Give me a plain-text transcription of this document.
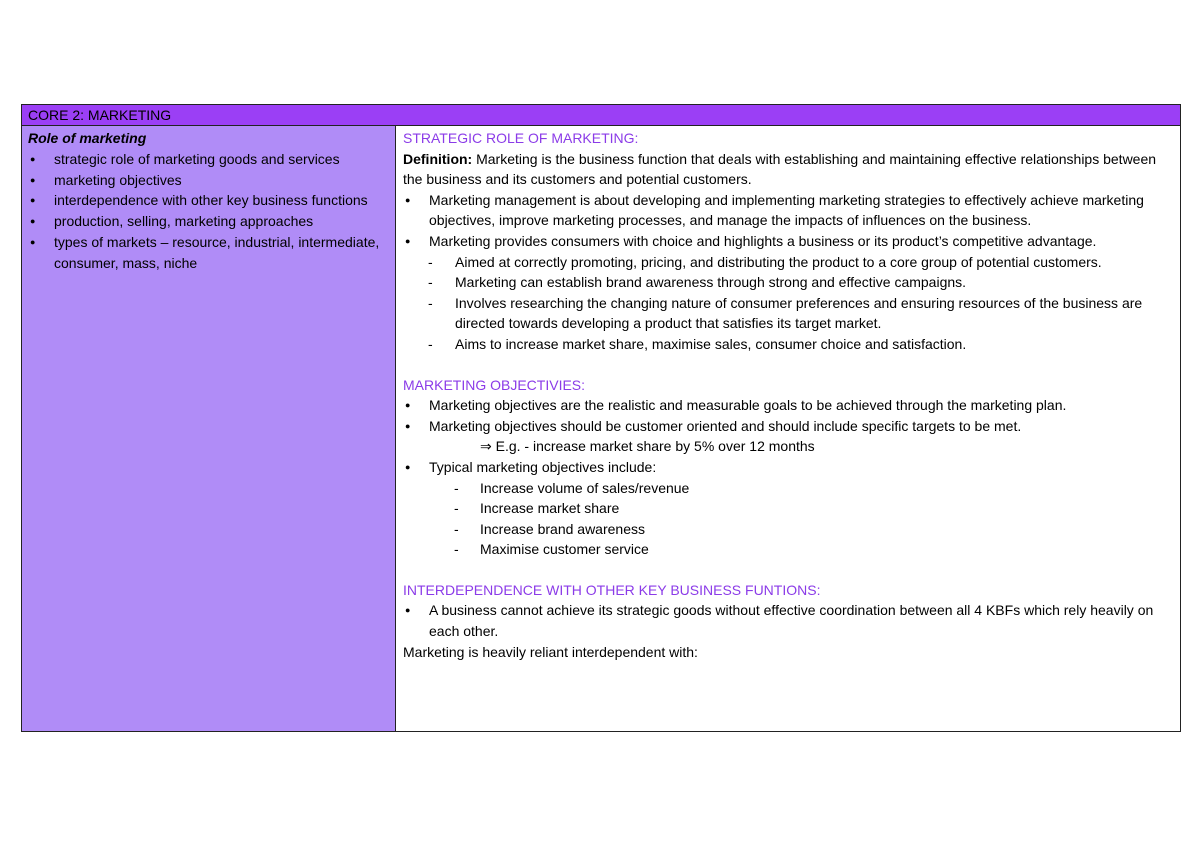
CORE 2: MARKETING
Role of marketing
● strategic role of marketing goods and services
● marketing objectives
● interdependence with other key business functions
● production, selling, marketing approaches
● types of markets – resource, industrial, intermediate, consumer, mass, niche
STRATEGIC ROLE OF MARKETING:
Definition: Marketing is the business function that deals with establishing and maintaining effective relationships between the business and its customers and potential customers.
● Marketing management is about developing and implementing marketing strategies to effectively achieve marketing objectives, improve marketing processes, and manage the impacts of influences on the business.
● Marketing provides consumers with choice and highlights a business or its product’s competitive advantage.
- Aimed at correctly promoting, pricing, and distributing the product to a core group of potential customers.
- Marketing can establish brand awareness through strong and effective campaigns.
- Involves researching the changing nature of consumer preferences and ensuring resources of the business are directed towards developing a product that satisfies its target market.
- Aims to increase market share, maximise sales, consumer choice and satisfaction.
MARKETING OBJECTIVIES:
● Marketing objectives are the realistic and measurable goals to be achieved through the marketing plan.
● Marketing objectives should be customer oriented and should include specific targets to be met.
⇒ E.g. - increase market share by 5% over 12 months
● Typical marketing objectives include:
- Increase volume of sales/revenue
- Increase market share
- Increase brand awareness
- Maximise customer service
INTERDEPENDENCE WITH OTHER KEY BUSINESS FUNTIONS:
● A business cannot achieve its strategic goods without effective coordination between all 4 KBFs which rely heavily on each other.
Marketing is heavily reliant interdependent with:
